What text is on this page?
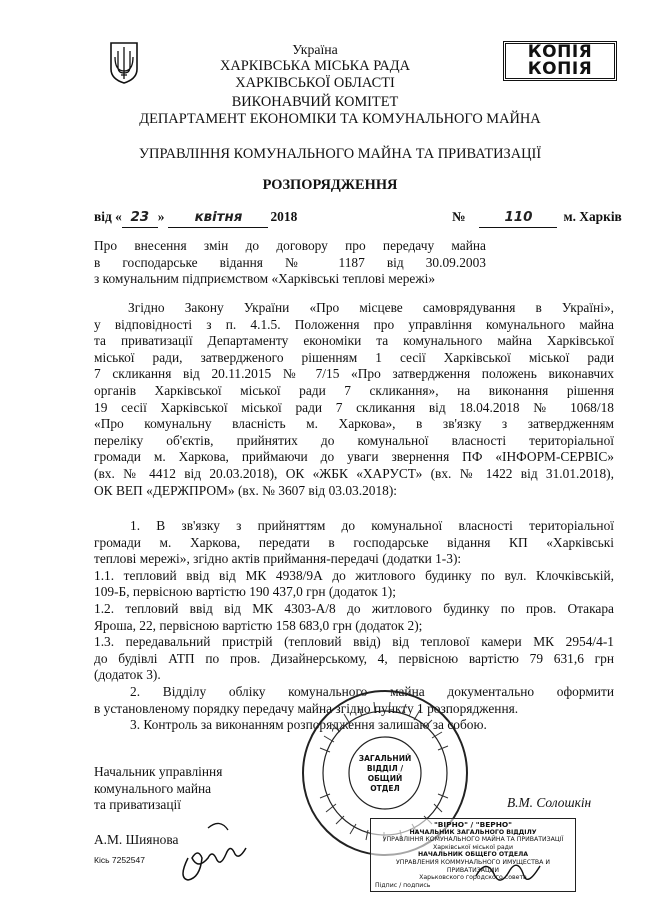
Україна
ХАРКІВСЬКА МІСЬКА РАДА
ХАРКІВСЬКОЇ ОБЛАСТІ
ВИКОНАВЧИЙ КОМІТЕТ
ДЕПАРТАМЕНТ ЕКОНОМІКИ ТА КОМУНАЛЬНОГО МАЙНА
КОПІЯ
КОПІЯ
УПРАВЛІННЯ КОМУНАЛЬНОГО МАЙНА ТА ПРИВАТИЗАЦІЇ
РОЗПОРЯДЖЕННЯ
від « 23 » квітня 2018	№	110 м. Харків
Про внесення змін до договору про передачу майна
в господарське відання № 1187 від 30.09.2003
з комунальним підприємством «Харківські теплові мережі»
Згідно Закону України «Про місцеве самоврядування в Україні»,
у відповідності з п. 4.1.5. Положення про управління комунального майна
та приватизації Департаменту економіки та комунального майна Харківської
міської ради, затвердженого рішенням 1 сесії Харківської міської ради
7 скликання від 20.11.2015 № 7/15 «Про затвердження положень виконавчих
органів Харківської міської ради 7 скликання», на виконання рішення
19 сесії Харківської міської ради 7 скликання від 18.04.2018 № 1068/18
«Про комунальну власність м. Харкова», в зв'язку з затвердженням
переліку об'єктів, прийнятих до комунальної власності територіальної
громади м. Харкова, приймаючи до уваги звернення ПФ «ІНФОРМ-СЕРВІС»
(вх. № 4412 від 20.03.2018), ОК «ЖБК «ХАРУСТ» (вх. № 1422 від 31.01.2018),
ОК ВЕП «ДЕРЖПРОМ» (вх. № 3607 від 03.03.2018):
1. В зв'язку з прийняттям до комунальної власності територіальної
громади м. Харкова, передати в господарське відання КП «Харківські
теплові мережі», згідно актів приймання-передачі (додатки 1-3):
1.1. тепловий ввід від МК 4938/9А до житлового будинку по вул. Клочківській,
109-Б, первісною вартістю 190 437,0 грн (додаток 1);
1.2. тепловий ввід від МК 4303-А/8 до житлового будинку по пров. Отакара
Яроша, 22, первісною вартістю 158 683,0 грн (додаток 2);
1.3. передавальний пристрій (тепловий ввід) від теплової камери МК 2954/4-1
до будівлі АТП по пров. Дизайнерському, 4, первісною вартістю 79 631,6 грн
(додаток 3).
2. Відділу обліку комунального майна документально оформити
в установленому порядку передачу майна згідно пункту 1 розпорядження.
3. Контроль за виконанням розпорядження залишаю за собою.
ЗАГАЛЬНИЙ
ВІДДІЛ /
ОБЩИЙ ОТДЕЛ
Начальник управління
комунального майна
та приватизації	В.М. Солошкін
"ВІРНО" / "ВЕРНО"
НАЧАЛЬНИК ЗАГАЛЬНОГО ВІДДІЛУ
УПРАВЛІННЯ КОМУНАЛЬНОГО МАЙНА ТА ПРИВАТИЗАЦІЇ
Харківської міської ради
НАЧАЛЬНИК ОБЩЕГО ОТДЕЛА
УПРАВЛЕНИЯ КОММУНАЛЬНОГО ИМУЩЕСТВА И ПРИВАТИЗАЦИИ
Харьковского городского совета
Підпис / подпись
А.М. Шиянова
Кісь 7252547
